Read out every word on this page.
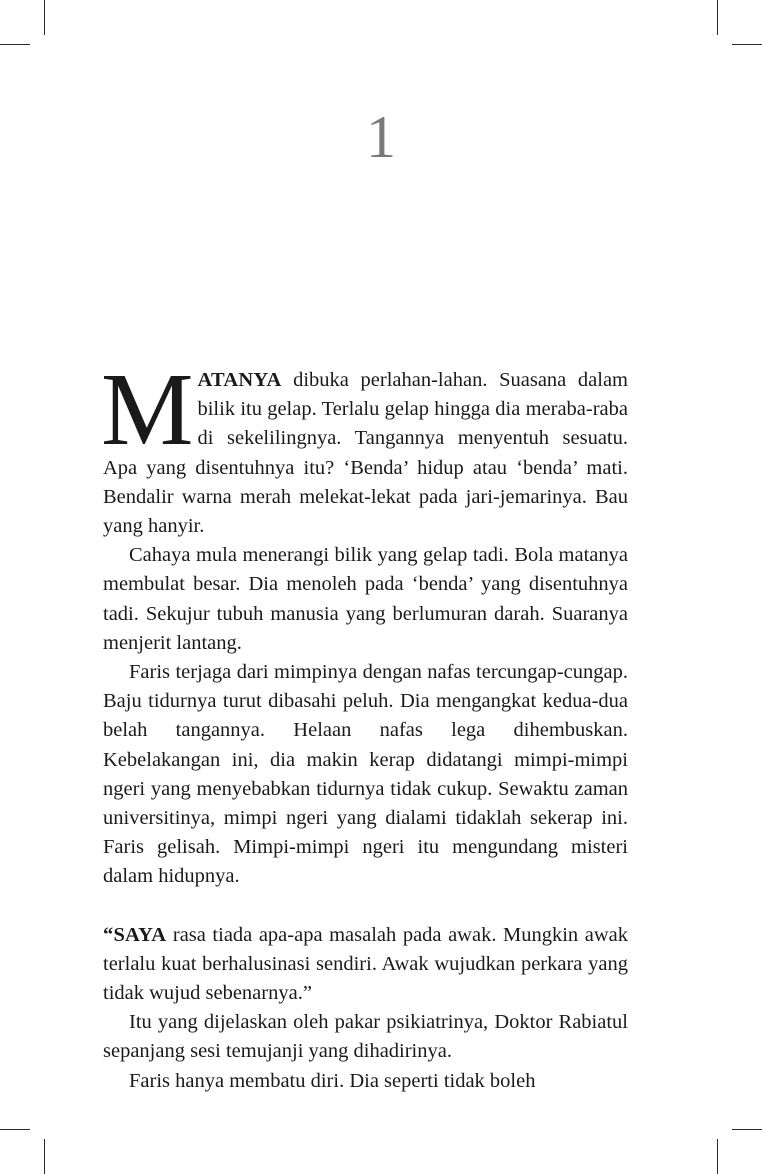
1

MATANYA dibuka perlahan-lahan. Suasana dalam bilik itu gelap. Terlalu gelap hingga dia meraba-raba di sekelilingnya. Tangannya menyentuh sesuatu. Apa yang disentuhnya itu? ‘Benda’ hidup atau ‘benda’ mati. Bendalir warna merah melekat-lekat pada jari-jemarinya. Bau yang hanyir.

Cahaya mula menerangi bilik yang gelap tadi. Bola matanya membulat besar. Dia menoleh pada ‘benda’ yang disentuhnya tadi. Sekujur tubuh manusia yang berlumuran darah. Suaranya menjerit lantang.

Faris terjaga dari mimpinya dengan nafas tercungap-cungap. Baju tidurnya turut dibasahi peluh. Dia mengangkat kedua-dua belah tangannya. Helaan nafas lega dihembuskan. Kebelakangan ini, dia makin kerap didatangi mimpi-mimpi ngeri yang menyebabkan tidurnya tidak cukup. Sewaktu zaman universitinya, mimpi ngeri yang dialami tidaklah sekerap ini. Faris gelisah. Mimpi-mimpi ngeri itu mengundang misteri dalam hidupnya.

“SAYA rasa tiada apa-apa masalah pada awak. Mungkin awak terlalu kuat berhalusinasi sendiri. Awak wujudkan perkara yang tidak wujud sebenarnya.”

Itu yang dijelaskan oleh pakar psikiatrinya, Doktor Rabiatul sepanjang sesi temujanji yang dihadirinya.

Faris hanya membatu diri. Dia seperti tidak boleh
